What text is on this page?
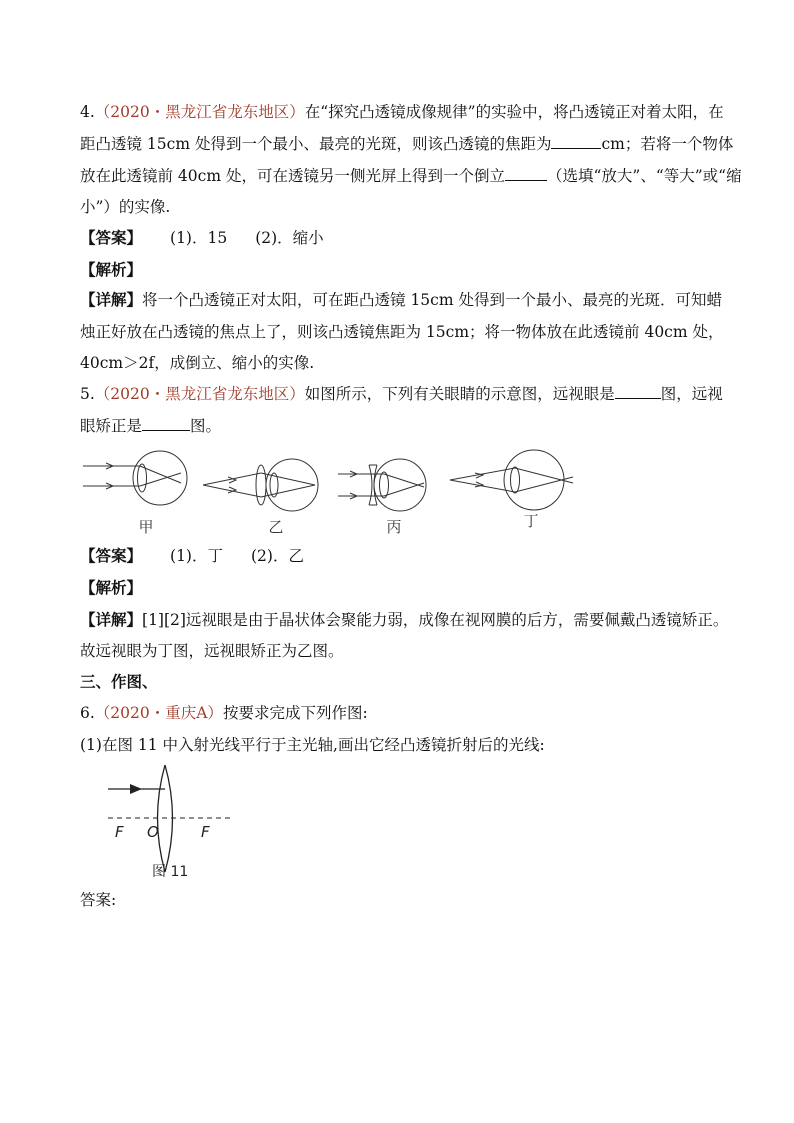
4.（2020・黑龙江省龙东地区）在“探究凸透镜成像规律”的实验中，将凸透镜正对着太阳，在
距凸透镜 15cm 处得到一个最小、最亮的光斑，则该凸透镜的焦距为	cm；若将一个物体
放在此透镜前 40cm 处，可在透镜另一侧光屏上得到一个倒立	（选填“放大”、“等大”或“缩
小”）的实像.
【答案】 (1)．15 (2)．缩小
【解析】
【详解】将一个凸透镜正对太阳，可在距凸透镜 15cm 处得到一个最小、最亮的光斑．可知蜡
烛正好放在凸透镜的焦点上了，则该凸透镜焦距为 15cm；将一物体放在此透镜前 40cm 处，
40cm＞2f，成倒立、缩小的实像.
5.（2020・黑龙江省龙东地区）如图所示，下列有关眼睛的示意图，远视眼是	图，远视
眼矫正是	图。
甲	乙	丙	丁
【答案】 (1)．丁 (2)．乙
【解析】
【详解】[1][2]远视眼是由于晶状体会聚能力弱，成像在视网膜的后方，需要佩戴凸透镜矫正。
故远视眼为丁图，远视眼矫正为乙图。
三、作图、
6.（2020・重庆A）按要求完成下列作图:
(1)在图 11 中入射光线平行于主光轴,画出它经凸透镜折射后的光线:
F O	F
图 11
答案:
